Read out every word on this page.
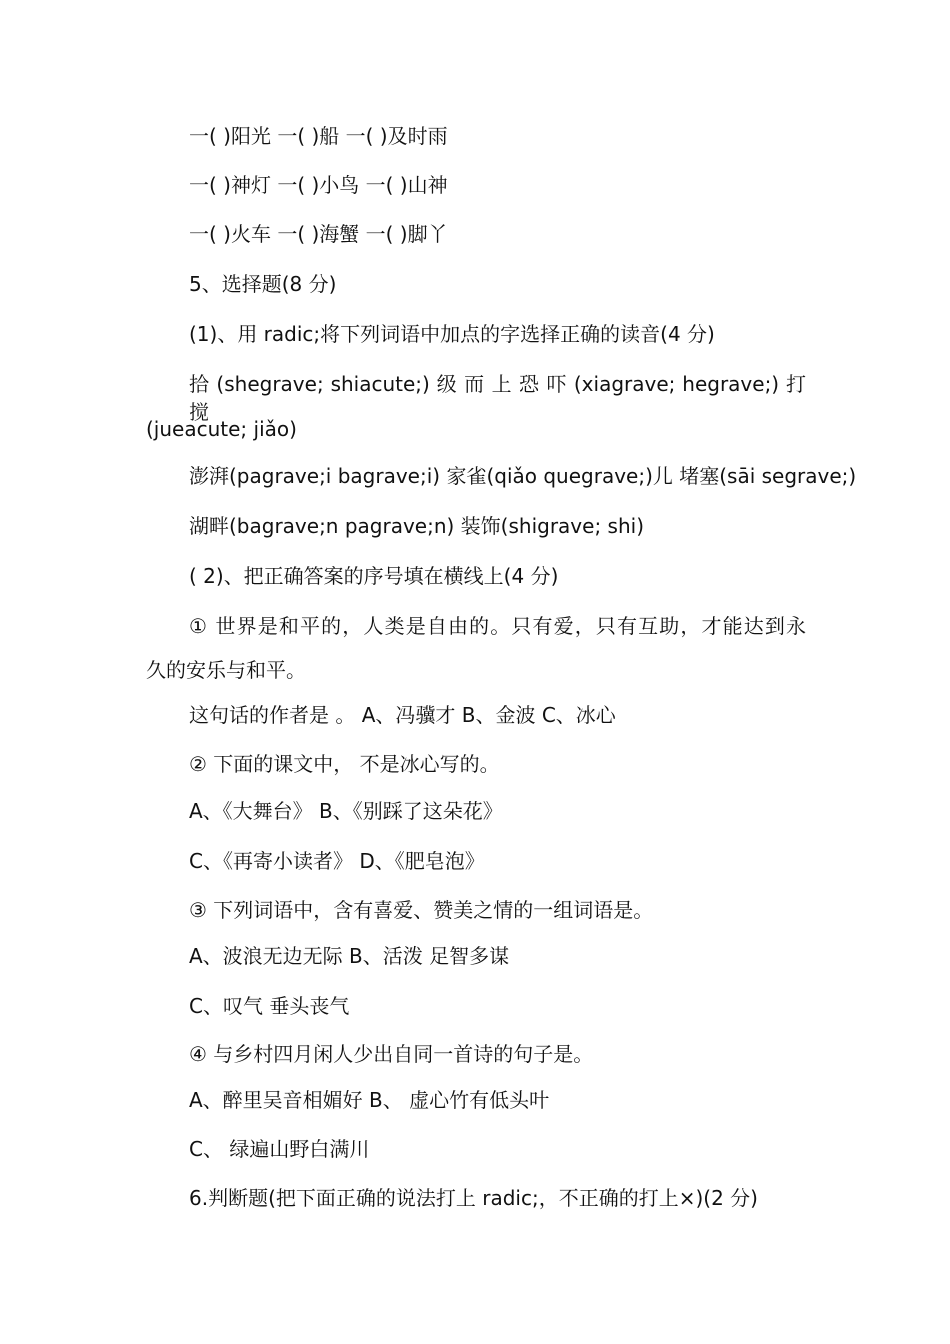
一( )阳光 一( )船 一( )及时雨
一( )神灯 一( )小鸟 一( )山神
一( )火车 一( )海蟹 一( )脚丫
5、选择题(8 分)
(1)、用 radic;将下列词语中加点的字选择正确的读音(4 分)
拾 (shegrave; shiacute;) 级 而 上 恐 吓 (xiagrave; hegrave;) 打 搅
(jueacute; jiǎo)
澎湃(pagrave;i bagrave;i) 家雀(qiǎo quegrave;)儿 堵塞(sāi segrave;)
湖畔(bagrave;n pagrave;n) 装饰(shigrave; shi)
( 2)、把正确答案的序号填在横线上(4 分)
① 世界是和平的，人类是自由的。只有爱，只有互助，才能达到永
久的安乐与和平。
这句话的作者是 。 A、冯骥才 B、金波 C、冰心
② 下面的课文中， 不是冰心写的。
A、《大舞台》 B、《别踩了这朵花》
C、《再寄小读者》 D、《肥皂泡》
③ 下列词语中，含有喜爱、赞美之情的一组词语是。
A、波浪无边无际 B、活泼 足智多谋
C、叹气 垂头丧气
④ 与乡村四月闲人少出自同一首诗的句子是。
A、醉里吴音相媚好 B、 虚心竹有低头叶
C、 绿遍山野白满川
6.判断题(把下面正确的说法打上 radic;，不正确的打上×)(2 分)
